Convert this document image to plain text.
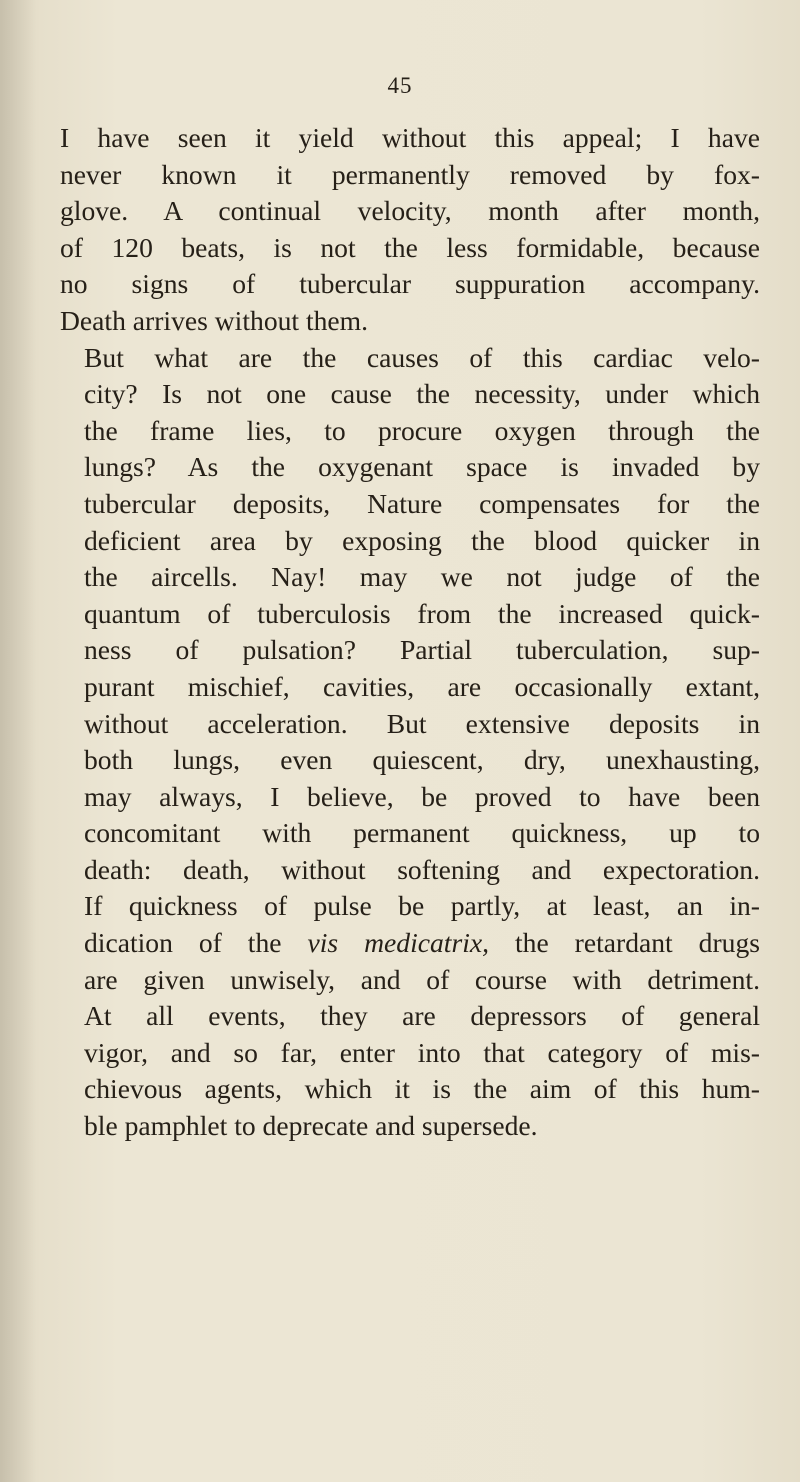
45

I have seen it yield without this appeal; I have
never known it permanently removed by fox-
glove. A continual velocity, month after month,
of 120 beats, is not the less formidable, because
no signs of tubercular suppuration accompany.
Death arrives without them.

But what are the causes of this cardiac velo-
city? Is not one cause the necessity, under which
the frame lies, to procure oxygen through the
lungs? As the oxygenant space is invaded by
tubercular deposits, Nature compensates for the
deficient area by exposing the blood quicker in
the aircells. Nay! may we not judge of the
quantum of tuberculosis from the increased quick-
ness of pulsation? Partial tuberculation, sup-
purant mischief, cavities, are occasionally extant,
without acceleration. But extensive deposits in
both lungs, even quiescent, dry, unexhausting,
may always, I believe, be proved to have been
concomitant with permanent quickness, up to
death: death, without softening and expectoration.

If quickness of pulse be partly, at least, an in-
dication of the vis medicatrix, the retardant drugs
are given unwisely, and of course with detriment.
At all events, they are depressors of general
vigor, and so far, enter into that category of mis-
chievous agents, which it is the aim of this hum-
ble pamphlet to deprecate and supersede.
